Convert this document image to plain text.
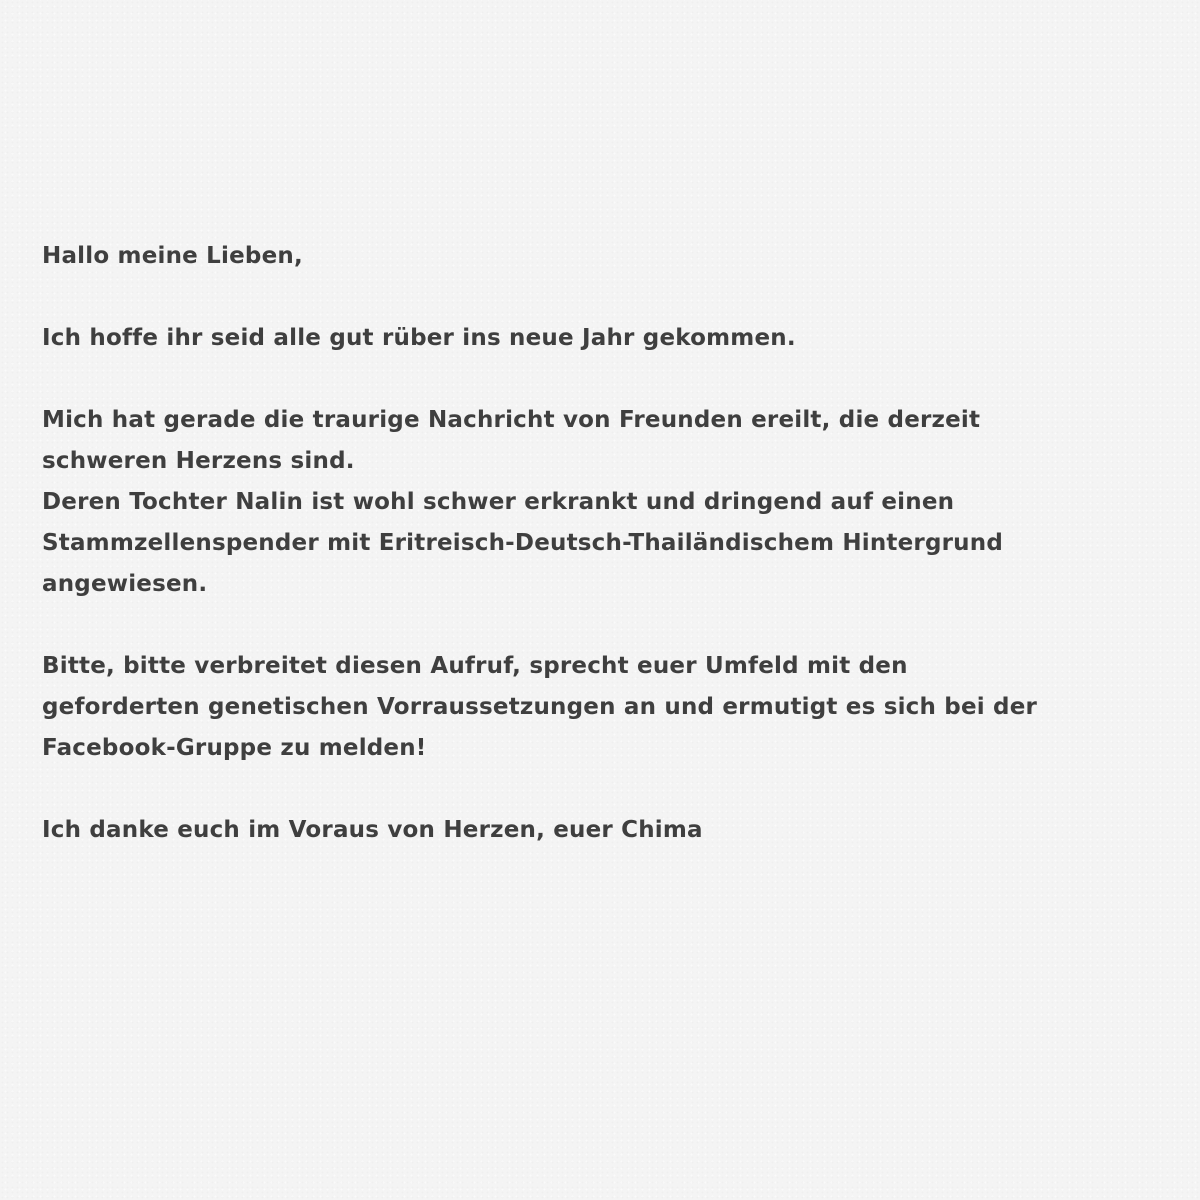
Hallo meine Lieben,
Ich hoffe ihr seid alle gut rüber ins neue Jahr gekommen.
Mich hat gerade die traurige Nachricht von Freunden ereilt, die derzeit
schweren Herzens sind.
Deren Tochter Nalin ist wohl schwer erkrankt und dringend auf einen
Stammzellenspender mit Eritreisch-Deutsch-Thailändischem Hintergrund
angewiesen.
Bitte, bitte verbreitet diesen Aufruf, sprecht euer Umfeld mit den
geforderten genetischen Vorraussetzungen an und ermutigt es sich bei der
Facebook-Gruppe zu melden!
Ich danke euch im Voraus von Herzen, euer Chima
